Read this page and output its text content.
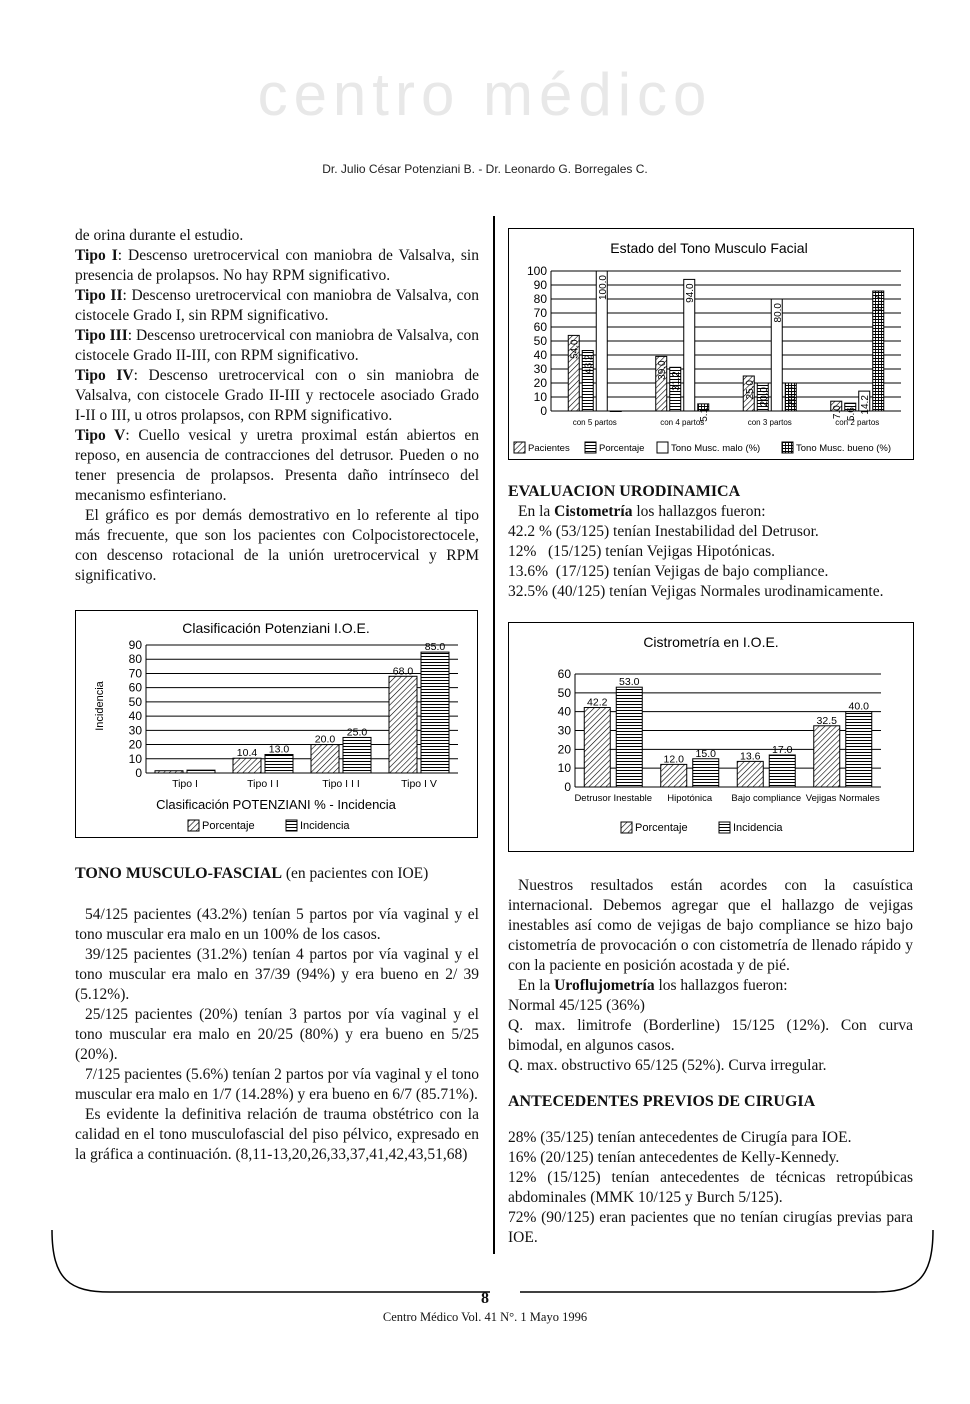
centro médico
Dr. Julio César Potenziani B. - Dr. Leonardo G. Borregales C.

de orina durante el estudio.

Tipo I: Descenso uretrocervical con maniobra de Valsalva, sin presencia de prolapsos. No hay RPM significativo.

Tipo II: Descenso uretrocervical con maniobra de Valsalva, con cistocele Grado I, sin RPM significativo.

Tipo III: Descenso uretrocervical con maniobra de Valsalva, con cistocele Grado II-III, con RPM significativo.

Tipo IV: Descenso uretrocervical con o sin maniobra de Valsalva, con cistocele Grado II-III y rectocele asociado Grado I-II o III, u otros prolapsos, con RPM significativo.

Tipo V: Cuello vesical y uretra proximal están abiertos en reposo, en ausencia de contracciones del detrusor. Pueden o no tener presencia de prolapsos. Presenta daño intrínseco del mecanismo esfinteriano.

El gráfico es por demás demostrativo en lo referente al tipo más frecuente, que son los pacientes con Colpocistorectocele, con descenso rotacional de la unión uretrocervical y RPM significativo.

Clasificación Potenziani I.O.E.
0
10
20
30
40
50
60
70
80
90
Tipo I
10.4 13.0
Tipo I I
20.0
25.0
Tipo I I I
68.0
85.0
Tipo I V
Clasificación POTENZIANI % - Incidencia
Incidencia
Porcentaje	Incidencia
TONO MUSCULO-FASCIAL (en pacientes con IOE)

54/125 pacientes (43.2%) tenían 5 partos por vía vaginal y el tono muscular era malo en un 100% de los casos.

39/125 pacientes (31.2%) tenían 4 partos por vía vaginal y el tono muscular era malo en 37/39 (94%) y era bueno en 2/ 39 (5.12%).

25/125 pacientes (20%) tenían 3 partos por vía vaginal y el tono muscular era malo en 20/25 (80%) y era bueno en 5/25 (20%).

7/125 pacientes (5.6%) tenían 2 partos por vía vaginal y el tono muscular era malo en 1/7 (14.28%) y era bueno en 6/7 (85.71%).

Es evidente la definitiva relación de trauma obstétrico con la calidad en el tono musculofascial del piso pélvico, expresado en la gráfica a continuación. (8,11-13,20,26,33,37,41,42,43,51,68)

Estado del Tono Musculo Facial
0
10
20
30
40
50
60
70
80
90
100
54.0
43.2
100.0
con 5 partos
39.0
31.2
94.0
5.1
con 4 partos
25.0 20.0
80.0
20.0
con 3 partos
7.0 5.6 14.2
85.7
con 2 partos
Pacientes	Porcentaje	Tono Musc. malo (%)	Tono Musc. bueno (%)

EVALUACION URODINAMICA

En la Cistometría los hallazgos fueron:

42.2 % (53/125) tenían Inestabilidad del Detrusor.

12%   (15/125) tenían Vejigas Hipotónicas.

13.6%  (17/125) tenían Vejigas de bajo compliance.

32.5% (40/125) tenían Vejigas Normales urodinamicamente.

Cistrometría en I.O.E.
0
10
20
30
40
50
60
42.2
53.0
Detrusor Inestable
12.0 15.0
Hipotónica
13.6
17.0
Bajo compliance
32.5
40.0
Vejigas Normales
Porcentaje	Incidencia

Nuestros resultados están acordes con la casuística internacional. Debemos agregar que el hallazgo de vejigas inestables así como de vejigas de bajo compliance se hizo bajo cistometría de provocación o con cistometría de llenado rápido y con la paciente en posición acostada y de pié.

En la Uroflujometría los hallazgos fueron:

Normal 45/125 (36%)

Q. max. limitrofe (Borderline) 15/125 (12%). Con curva bimodal, en algunos casos.

Q. max. obstructivo 65/125 (52%). Curva irregular.

ANTECEDENTES PREVIOS DE CIRUGIA

28% (35/125) tenían antecedentes de Cirugía para IOE.

16% (20/125) tenían antecedentes de Kelly-Kennedy.

12% (15/125) tenían antecedentes de técnicas retropúbicas abdominales (MMK 10/125 y Burch 5/125).

72% (90/125) eran pacientes que no tenían cirugías previas para IOE.

8
Centro Médico Vol. 41 N°. 1 Mayo 1996
